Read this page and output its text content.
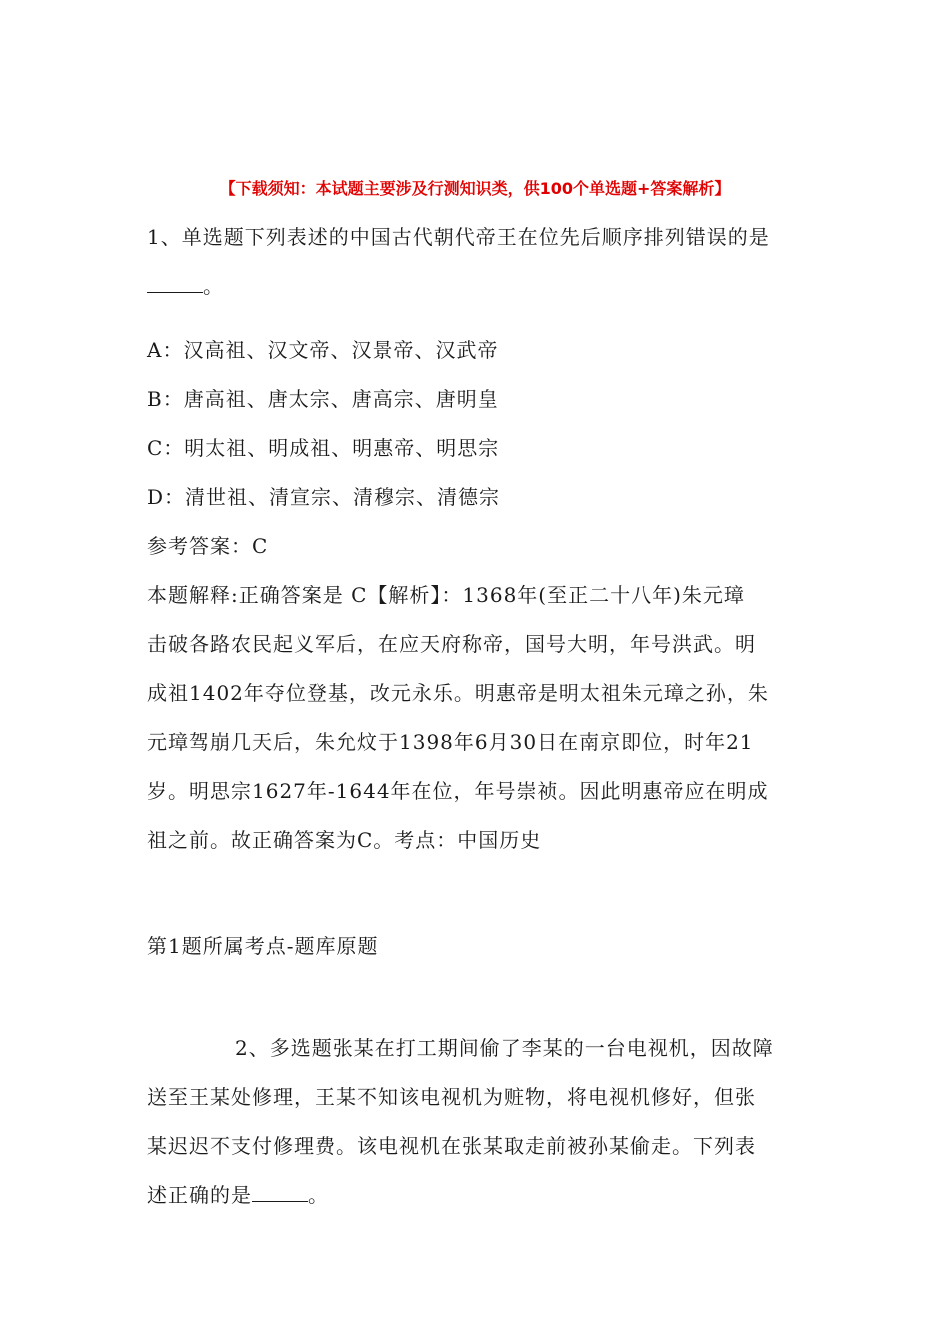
【下载须知：本试题主要涉及行测知识类，供100个单选题+答案解析】
1、单选题下列表述的中国古代朝代帝王在位先后顺序排列错误的是
。
A：汉高祖、汉文帝、汉景帝、汉武帝
B：唐高祖、唐太宗、唐高宗、唐明皇
C：明太祖、明成祖、明惠帝、明思宗
D：清世祖、清宣宗、清穆宗、清德宗
参考答案：C
本题解释:正确答案是 C【解析】：1368年(至正二十八年)朱元璋
击破各路农民起义军后，在应天府称帝，国号大明，年号洪武。明
成祖1402年夺位登基，改元永乐。明惠帝是明太祖朱元璋之孙，朱
元璋驾崩几天后，朱允炆于1398年6月30日在南京即位，时年21
岁。明思宗1627年-1644年在位，年号崇祯。因此明惠帝应在明成
祖之前。故正确答案为C。考点：中国历史
第1题所属考点-题库原题
2、多选题张某在打工期间偷了李某的一台电视机，因故障
送至王某处修理，王某不知该电视机为赃物，将电视机修好，但张
某迟迟不支付修理费。该电视机在张某取走前被孙某偷走。下列表
述正确的是	。
